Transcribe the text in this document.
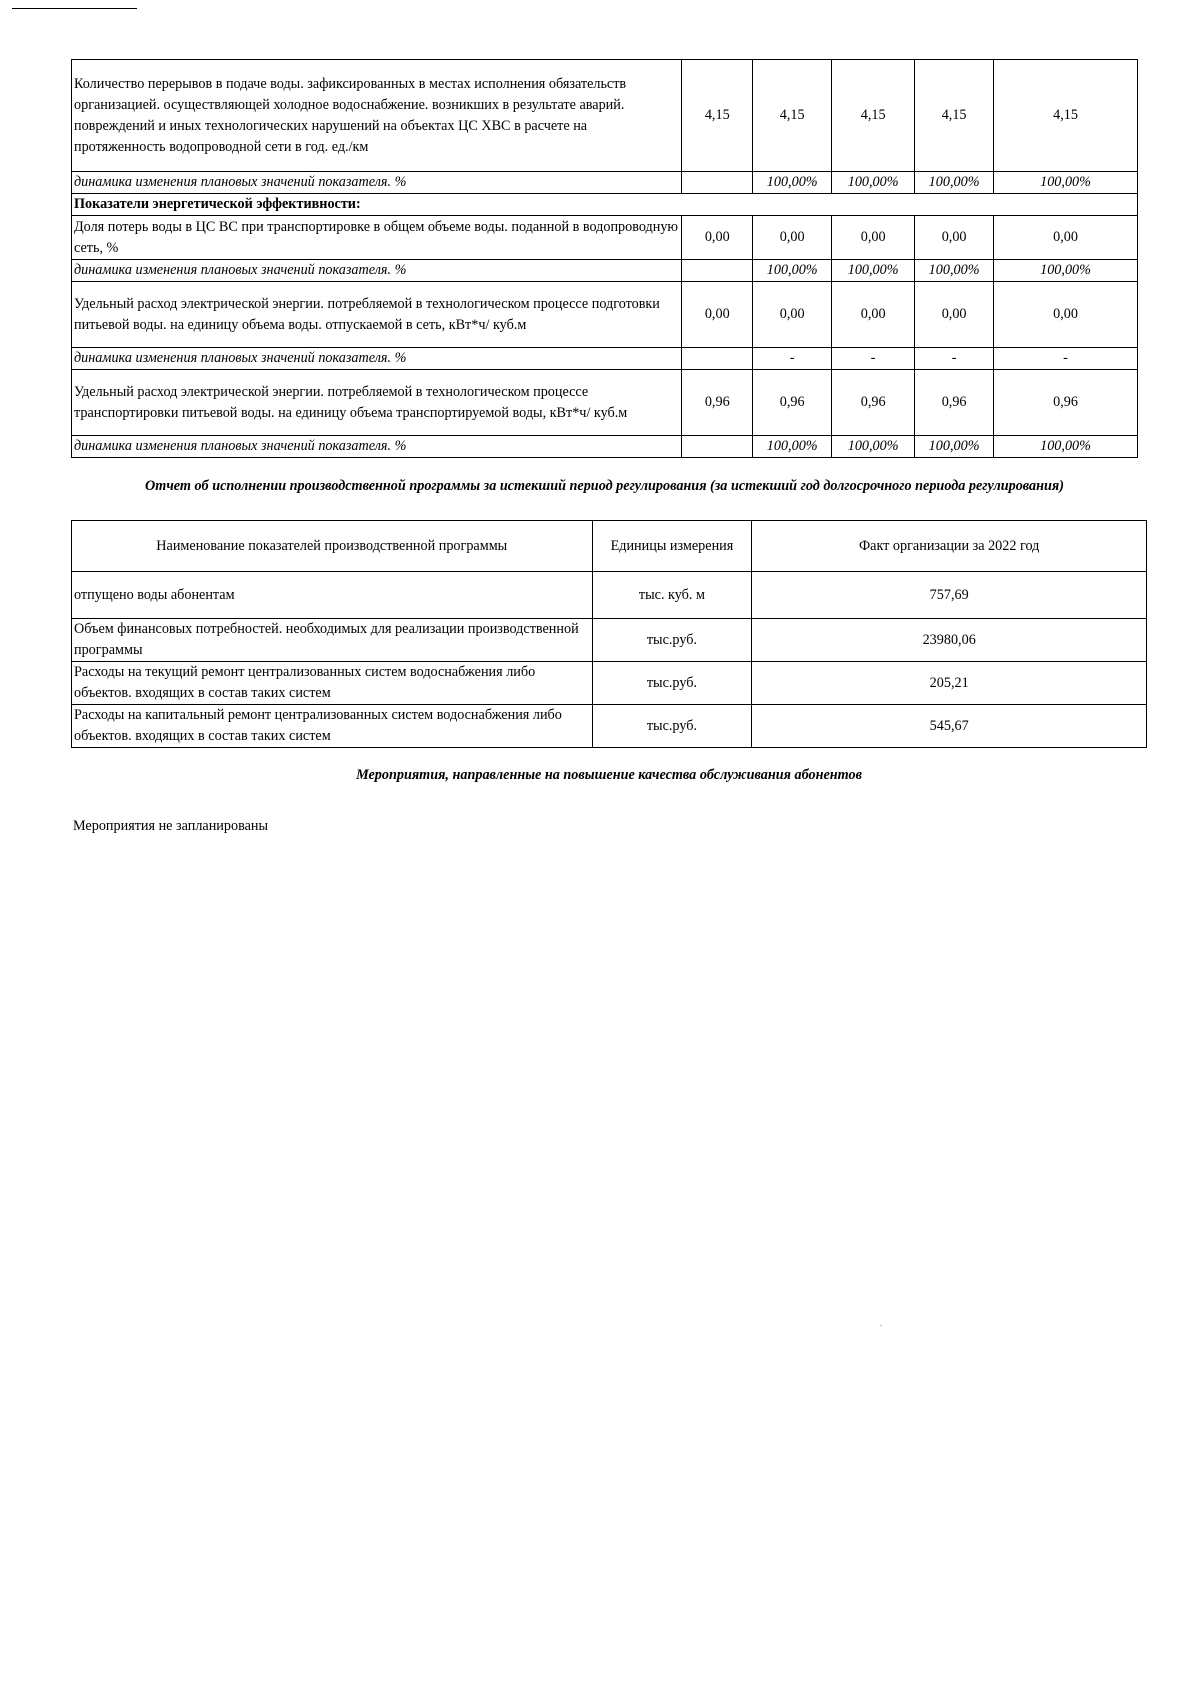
Количество перерывов в подаче воды. зафиксированных в местах исполнения обязательств организацией. осуществляющей холодное водоснабжение. возникших в результате аварий. повреждений и иных технологических нарушений на объектах ЦС ХВС в расчете на протяженность водопроводной сети в год. ед./км	4,15	4,15	4,15	4,15	4,15
динамика изменения плановых значений показателя. %		100,00%	100,00%	100,00%	100,00%
Показатели энергетической эффективности:					
Доля потерь воды в ЦС ВС при транспортировке в общем объеме воды. поданной в водопроводную сеть, %	0,00	0,00	0,00	0,00	0,00
динамика изменения плановых значений показателя. %		100,00%	100,00%	100,00%	100,00%
Удельный расход электрической энергии. потребляемой в технологическом процессе подготовки питьевой воды. на единицу объема воды. отпускаемой в сеть, кВт*ч/ куб.м	0,00	0,00	0,00	0,00	0,00
динамика изменения плановых значений показателя. %		-	-	-	-
Удельный расход электрической энергии. потребляемой в технологическом процессе транспортировки питьевой воды. на единицу объема транспортируемой воды, кВт*ч/ куб.м	0,96	0,96	0,96	0,96	0,96
динамика изменения плановых значений показателя. %		100,00%	100,00%	100,00%	100,00%
Отчет об исполнении производственной программы за истекший период регулирования (за истекший год долгосрочного периода регулирования)
Наименование показателей производственной программы	Единицы измерения	Факт организации за 2022 год
отпущено воды абонентам	тыс. куб. м	757,69
Объем финансовых потребностей. необходимых для реализации производственной программы	тыс.руб.	23980,06
Расходы на текущий ремонт централизованных систем водоснабжения либо объектов. входящих в состав таких систем	тыс.руб.	205,21
Расходы на капитальный ремонт централизованных систем водоснабжения либо объектов. входящих в состав таких систем	тыс.руб.	545,67
Мероприятия, направленные на повышение качества обслуживания абонентов
Мероприятия не запланированы
